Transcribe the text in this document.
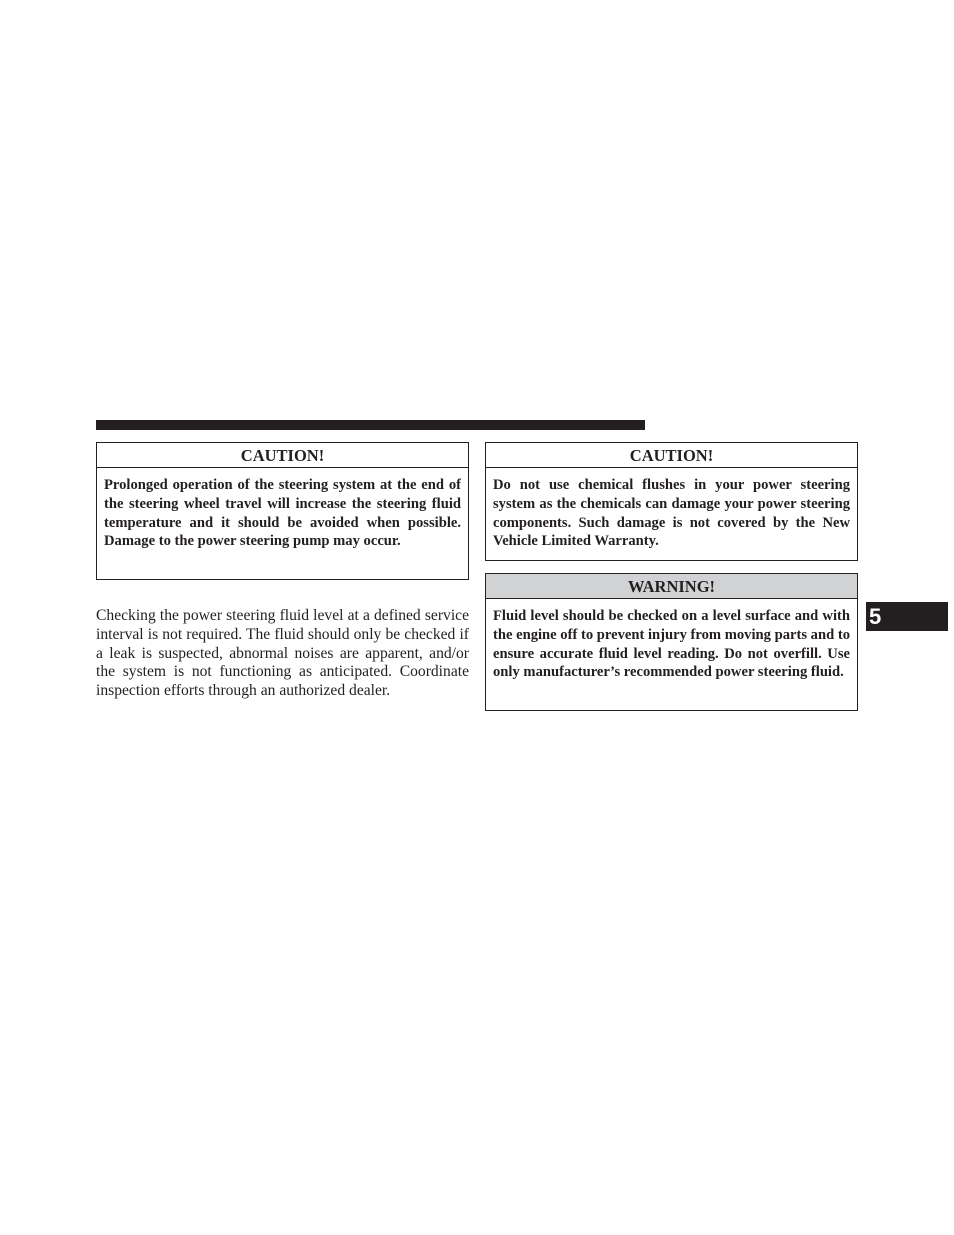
CAUTION!
Prolonged operation of the steering system at the end of the steering wheel travel will increase the steering fluid temperature and it should be avoided when possible. Damage to the power steering pump may occur.
Checking the power steering fluid level at a defined service interval is not required. The fluid should only be checked if a leak is suspected, abnormal noises are apparent, and/or the system is not functioning as anticipated. Coordinate inspection efforts through an authorized dealer.
CAUTION!
Do not use chemical flushes in your power steering system as the chemicals can damage your power steering components. Such damage is not covered by the New Vehicle Limited Warranty.
WARNING!
Fluid level should be checked on a level surface and with the engine off to prevent injury from moving parts and to ensure accurate fluid level reading. Do not overfill. Use only manufacturer’s recommended power steering fluid.
5
